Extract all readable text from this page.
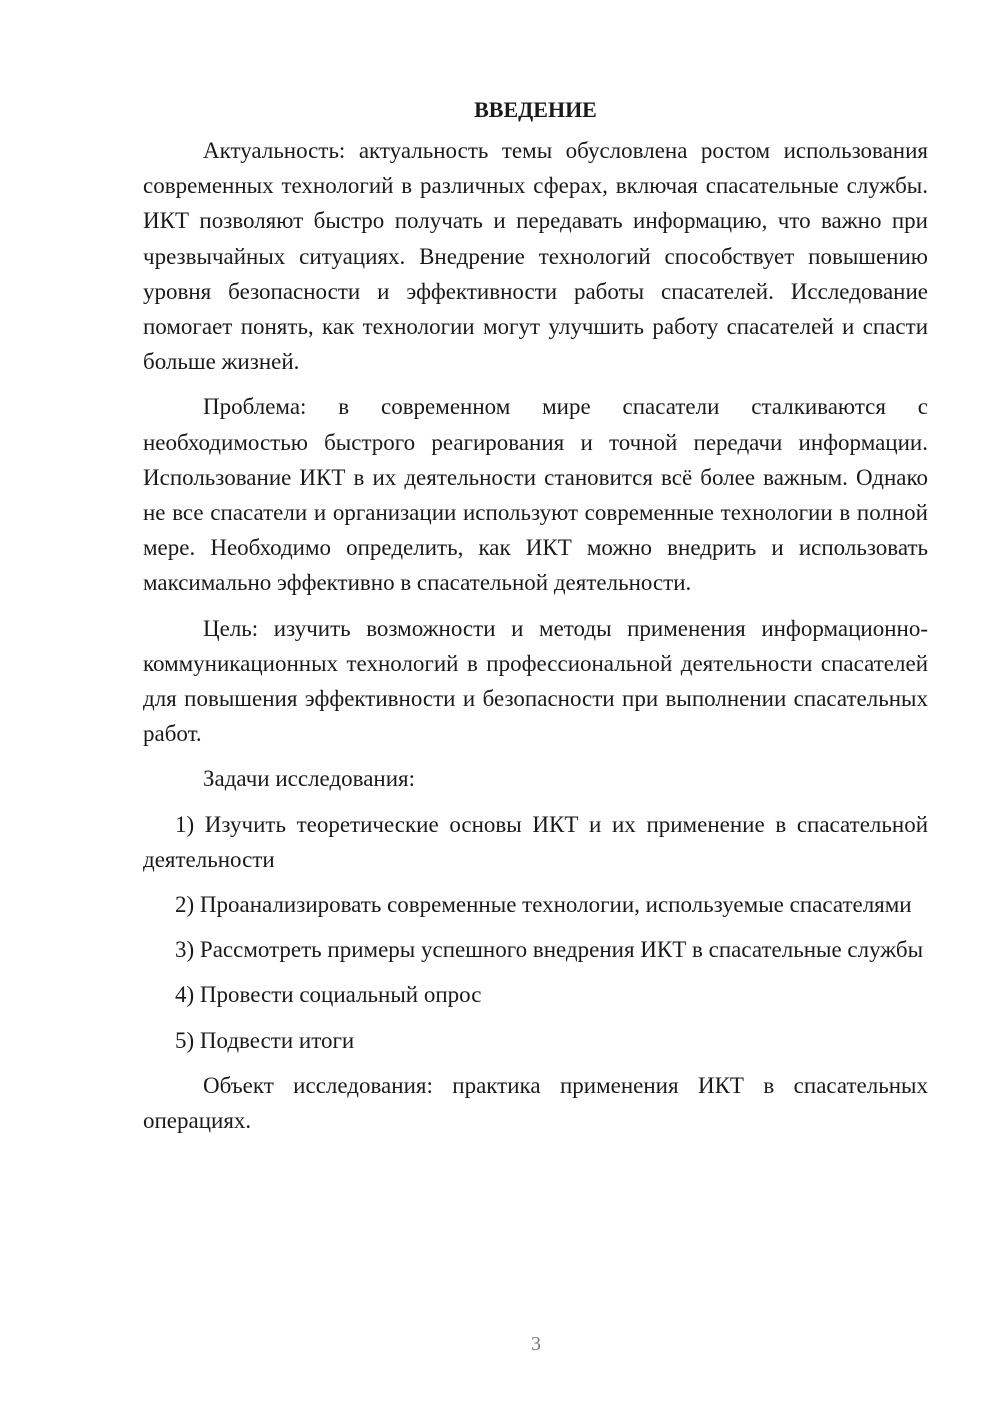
ВВЕДЕНИЕ

Актуальность: актуальность темы обусловлена ростом использования современных технологий в различных сферах, включая спасательные службы. ИКТ позволяют быстро получать и передавать информацию, что важно при чрезвычайных ситуациях. Внедрение технологий способствует повышению уровня безопасности и эффективности работы спасателей. Исследование помогает понять, как технологии могут улучшить работу спасателей и спасти больше жизней.

Проблема: в современном мире спасатели сталкиваются с необходимостью быстрого реагирования и точной передачи информации. Использование ИКТ в их деятельности становится всё более важным. Однако не все спасатели и организации используют современные технологии в полной мере. Необходимо определить, как ИКТ можно внедрить и использовать максимально эффективно в спасательной деятельности.

Цель: изучить возможности и методы применения информационно-коммуникационных технологий в профессиональной деятельности спасателей для повышения эффективности и безопасности при выполнении спасательных работ.

Задачи исследования:

1) Изучить теоретические основы ИКТ и их применение в спасательной деятельности

2) Проанализировать современные технологии, используемые спасателями

3) Рассмотреть примеры успешного внедрения ИКТ в спасательные службы

4) Провести социальный опрос

5) Подвести итоги

Объект исследования: практика применения ИКТ в спасательных операциях.

3
